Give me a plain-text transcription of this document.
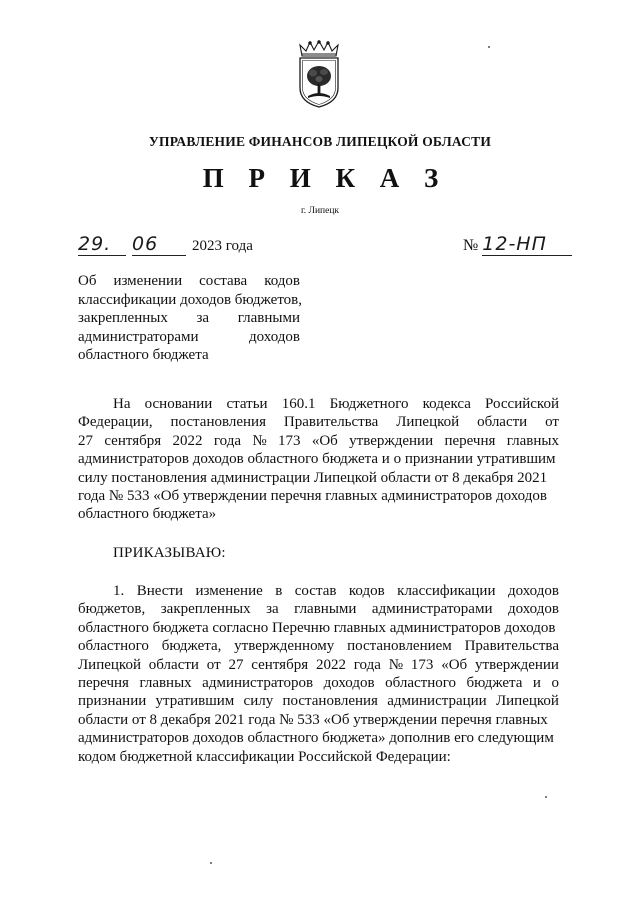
УПРАВЛЕНИЕ ФИНАНСОВ ЛИПЕЦКОЙ ОБЛАСТИ
П Р И К А З
г. Липецк
29. 06 2023 года	№ 12-НП
Об изменении состава кодов
классификации доходов бюджетов,
закрепленных за главными
администраторами	доходов
областного бюджета
На основании статьи 160.1 Бюджетного кодекса Российской
Федерации, постановления Правительства Липецкой области от
27 сентября 2022 года № 173 «Об утверждении перечня главных
администраторов доходов областного бюджета и о признании утратившим
силу постановления администрации Липецкой области от 8 декабря 2021
года № 533 «Об утверждении перечня главных администраторов доходов
областного бюджета»
ПРИКАЗЫВАЮ:
1. Внести изменение в состав кодов классификации доходов
бюджетов, закрепленных за главными администраторами доходов
областного бюджета согласно Перечню главных администраторов доходов
областного бюджета, утвержденному постановлением Правительства
Липецкой области от 27 сентября 2022 года № 173 «Об утверждении
перечня главных администраторов доходов областного бюджета и о
признании утратившим силу постановления администрации Липецкой
области от 8 декабря 2021 года № 533 «Об утверждении перечня главных
администраторов доходов областного бюджета» дополнив его следующим
кодом бюджетной классификации Российской Федерации:
